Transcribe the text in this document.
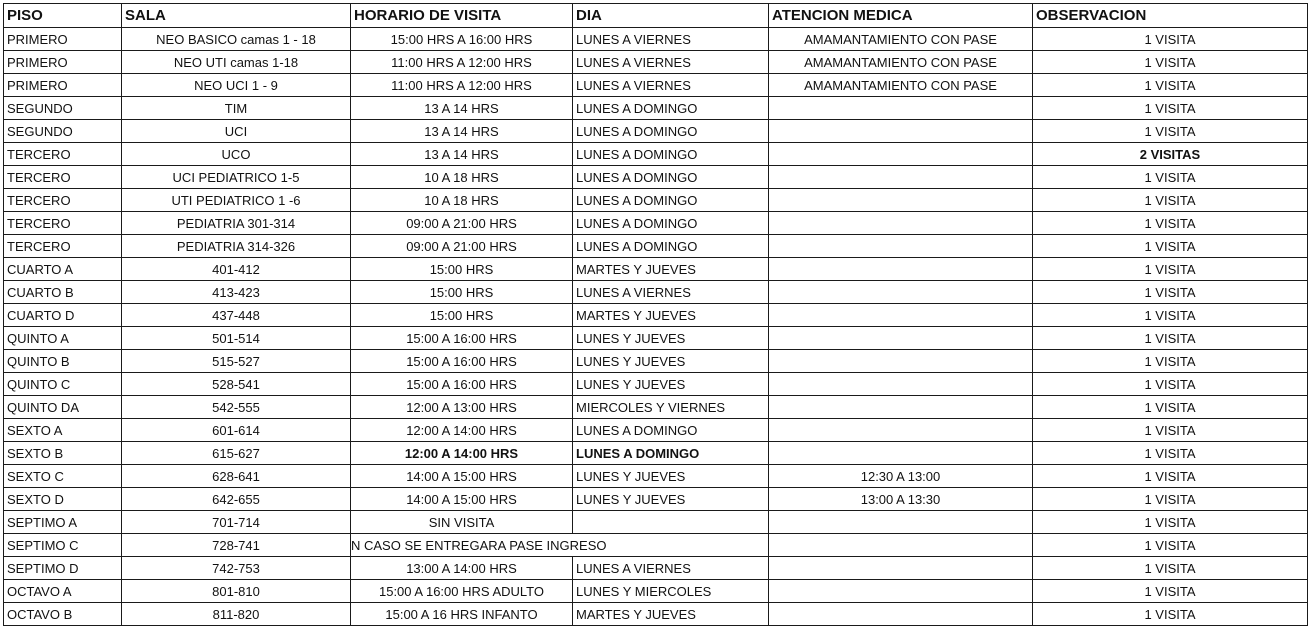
PISO	SALA	HORARIO DE VISITA	DIA	ATENCION MEDICA	OBSERVACION
PRIMERO	NEO BASICO camas 1 - 18	15:00 HRS A 16:00 HRS	LUNES A VIERNES	AMAMANTAMIENTO CON PASE	1 VISITA
PRIMERO	NEO UTI camas 1-18	11:00 HRS A 12:00 HRS	LUNES A VIERNES	AMAMANTAMIENTO CON PASE	1 VISITA
PRIMERO	NEO UCI 1 - 9	11:00 HRS A 12:00 HRS	LUNES A VIERNES	AMAMANTAMIENTO CON PASE	1 VISITA
SEGUNDO	TIM	13 A 14 HRS	LUNES A DOMINGO		1 VISITA
SEGUNDO	UCI	13 A 14 HRS	LUNES A DOMINGO		1 VISITA
TERCERO	UCO	13 A 14 HRS	LUNES A DOMINGO		2 VISITAS
TERCERO	UCI PEDIATRICO 1-5	10 A 18 HRS	LUNES A DOMINGO		1 VISITA
TERCERO	UTI PEDIATRICO 1 -6	10 A 18 HRS	LUNES A DOMINGO		1 VISITA
TERCERO	PEDIATRIA 301-314	09:00 A 21:00 HRS	LUNES A DOMINGO		1 VISITA
TERCERO	PEDIATRIA 314-326	09:00 A 21:00 HRS	LUNES A DOMINGO		1 VISITA
CUARTO A	401-412	15:00 HRS	MARTES Y JUEVES		1 VISITA
CUARTO B	413-423	15:00 HRS	LUNES A VIERNES		1 VISITA
CUARTO D	437-448	15:00 HRS	MARTES Y JUEVES		1 VISITA
QUINTO A	501-514	15:00 A 16:00 HRS	LUNES Y JUEVES		1 VISITA
QUINTO B	515-527	15:00 A 16:00 HRS	LUNES Y JUEVES		1 VISITA
QUINTO C	528-541	15:00 A 16:00 HRS	LUNES Y JUEVES		1 VISITA
QUINTO DA	542-555	12:00 A 13:00 HRS	MIERCOLES Y VIERNES		1 VISITA
SEXTO A	601-614	12:00 A 14:00 HRS	LUNES A DOMINGO		1 VISITA
SEXTO B	615-627	12:00 A 14:00 HRS	LUNES A DOMINGO		1 VISITA
SEXTO C	628-641	14:00 A 15:00 HRS	LUNES Y JUEVES	12:30 A 13:00	1 VISITA
SEXTO D	642-655	14:00 A 15:00 HRS	LUNES Y JUEVES	13:00 A 13:30	1 VISITA
SEPTIMO A	701-714	SIN VISITA			1 VISITA
SEPTIMO C	728-741	N CASO SE ENTREGARA PASE INGRESO			1 VISITA
SEPTIMO D	742-753	13:00 A 14:00 HRS	LUNES A VIERNES		1 VISITA
OCTAVO A	801-810	15:00 A 16:00 HRS ADULTO	LUNES Y MIERCOLES		1 VISITA
OCTAVO B	811-820	15:00 A 16 HRS INFANTO	MARTES Y JUEVES		1 VISITA
